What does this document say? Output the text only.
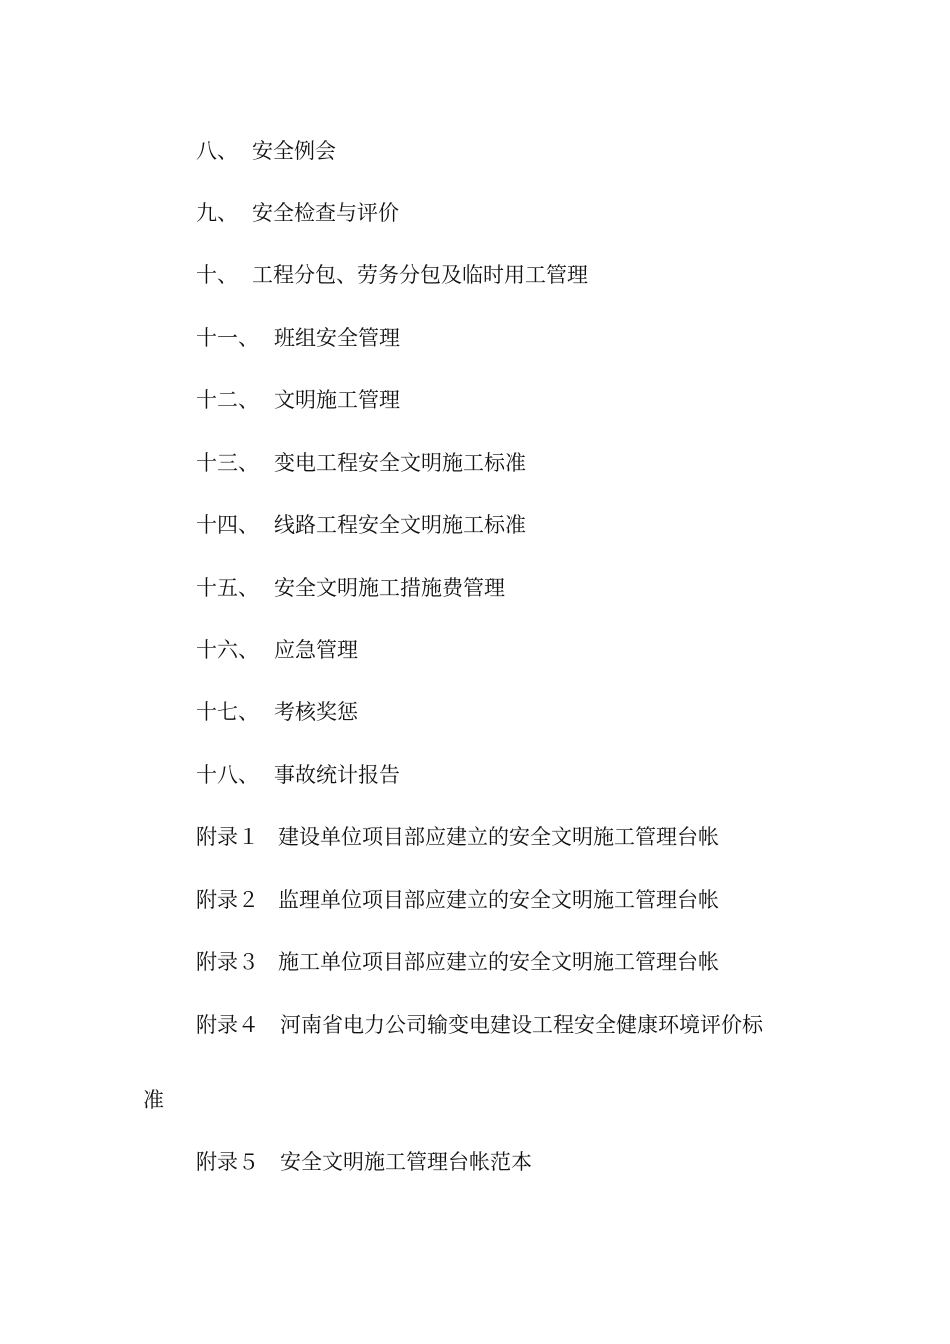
八、 安全例会
九、 安全检查与评价
十、 工程分包、劳务分包及临时用工管理
十一、 班组安全管理
十二、 文明施工管理
十三、 变电工程安全文明施工标准
十四、 线路工程安全文明施工标准
十五、 安全文明施工措施费管理
十六、 应急管理
十七、 考核奖惩
十八、 事故统计报告
附录１ 建设单位项目部应建立的安全文明施工管理台帐
附录２ 监理单位项目部应建立的安全文明施工管理台帐
附录３ 施工单位项目部应建立的安全文明施工管理台帐
附录４ 河南省电力公司输变电建设工程安全健康环境评价标
准
附录５ 安全文明施工管理台帐范本
